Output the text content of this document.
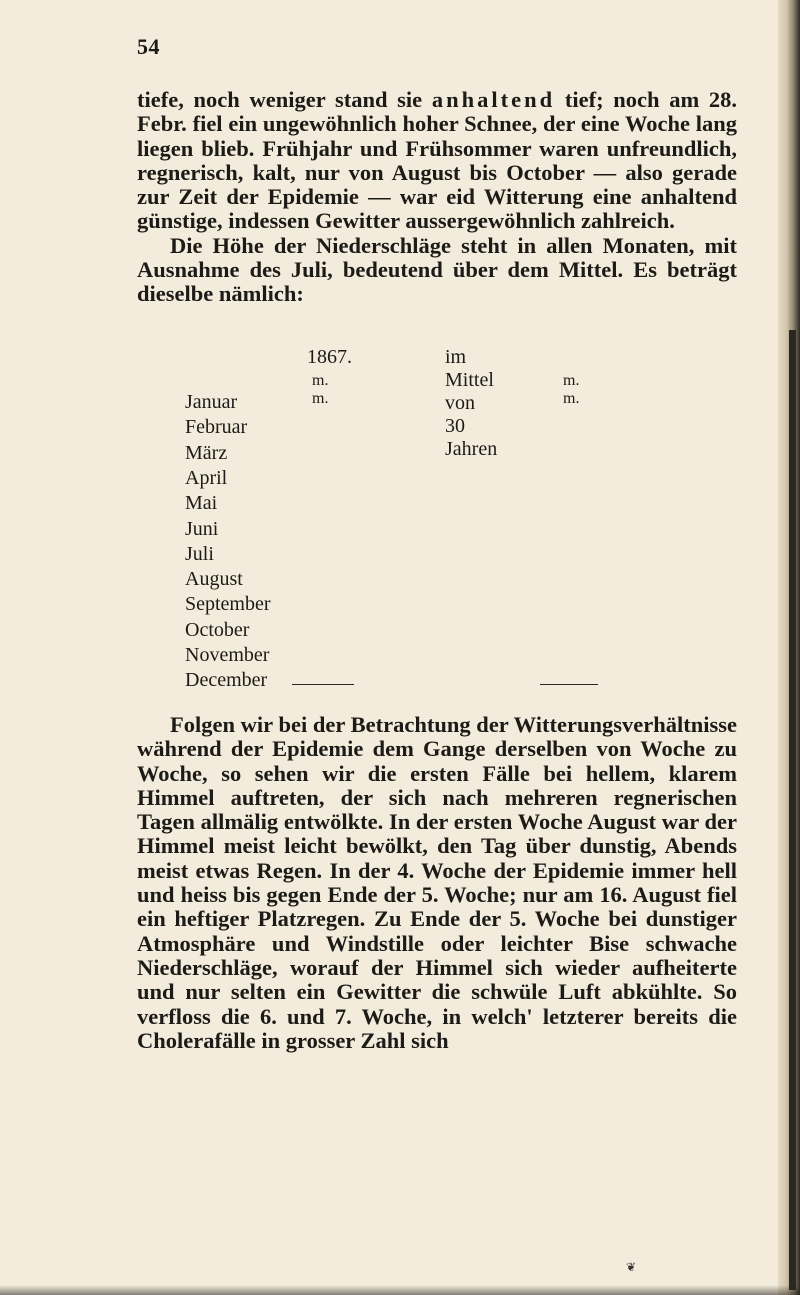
54

tiefe, noch weniger stand sie anhaltend tief; noch am 28. Febr. fiel ein ungewöhnlich hoher Schnee, der eine Woche lang liegen blieb. Frühjahr und Frühsommer waren unfreundlich, regnerisch, kalt, nur von August bis October — also gerade zur Zeit der Epidemie — war eid Witterung eine anhaltend günstige, indessen Gewitter aussergewöhnlich zahlreich.

Die Höhe der Niederschläge steht in allen Monaten, mit Ausnahme des Juli, bedeutend über dem Mittel. Es beträgt dieselbe nämlich:

1867.	im Mittel von 30 Jahren
m. m.
m. m.
Januar
Februar
März
April
Mai
Juni
Juli
August
September
October
November
December

Folgen wir bei der Betrachtung der Witterungsverhältnisse während der Epidemie dem Gange derselben von Woche zu Woche, so sehen wir die ersten Fälle bei hellem, klarem Himmel auftreten, der sich nach mehreren regnerischen Tagen allmälig entwölkte. In der ersten Woche August war der Himmel meist leicht bewölkt, den Tag über dunstig, Abends meist etwas Regen. In der 4. Woche der Epidemie immer hell und heiss bis gegen Ende der 5. Woche; nur am 16. August fiel ein heftiger Platzregen. Zu Ende der 5. Woche bei dunstiger Atmosphäre und Windstille oder leichter Bise schwache Niederschläge, worauf der Himmel sich wieder aufheiterte und nur selten ein Gewitter die schwüle Luft abkühlte. So verfloss die 6. und 7. Woche, in welch' letzterer bereits die Cholerafälle in grosser Zahl sich

❦
